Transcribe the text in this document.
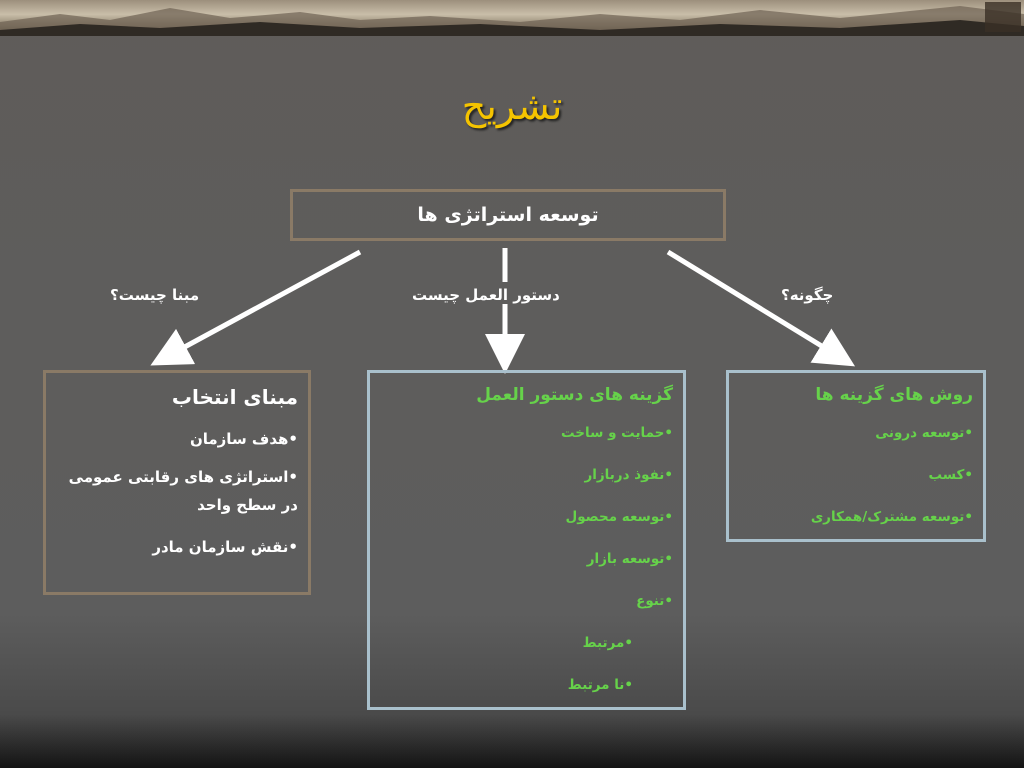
تشریح
توسعه استراتژی ها
مبنا چیست؟	دستور العمل چیست	چگونه؟
مبنای انتخاب
•هدف سازمان
•استراتژی های رقابتی عمومی در سطح واحد
•نقش سازمان مادر
گزینه های دستور العمل
•حمایت و ساخت
•نفوذ دربازار
•توسعه محصول
•توسعه بازار
•تنوع
•مرتبط
•نا مرتبط
روش های گزینه ها
•توسعه درونی
•کسب
•توسعه مشترک/همکاری
